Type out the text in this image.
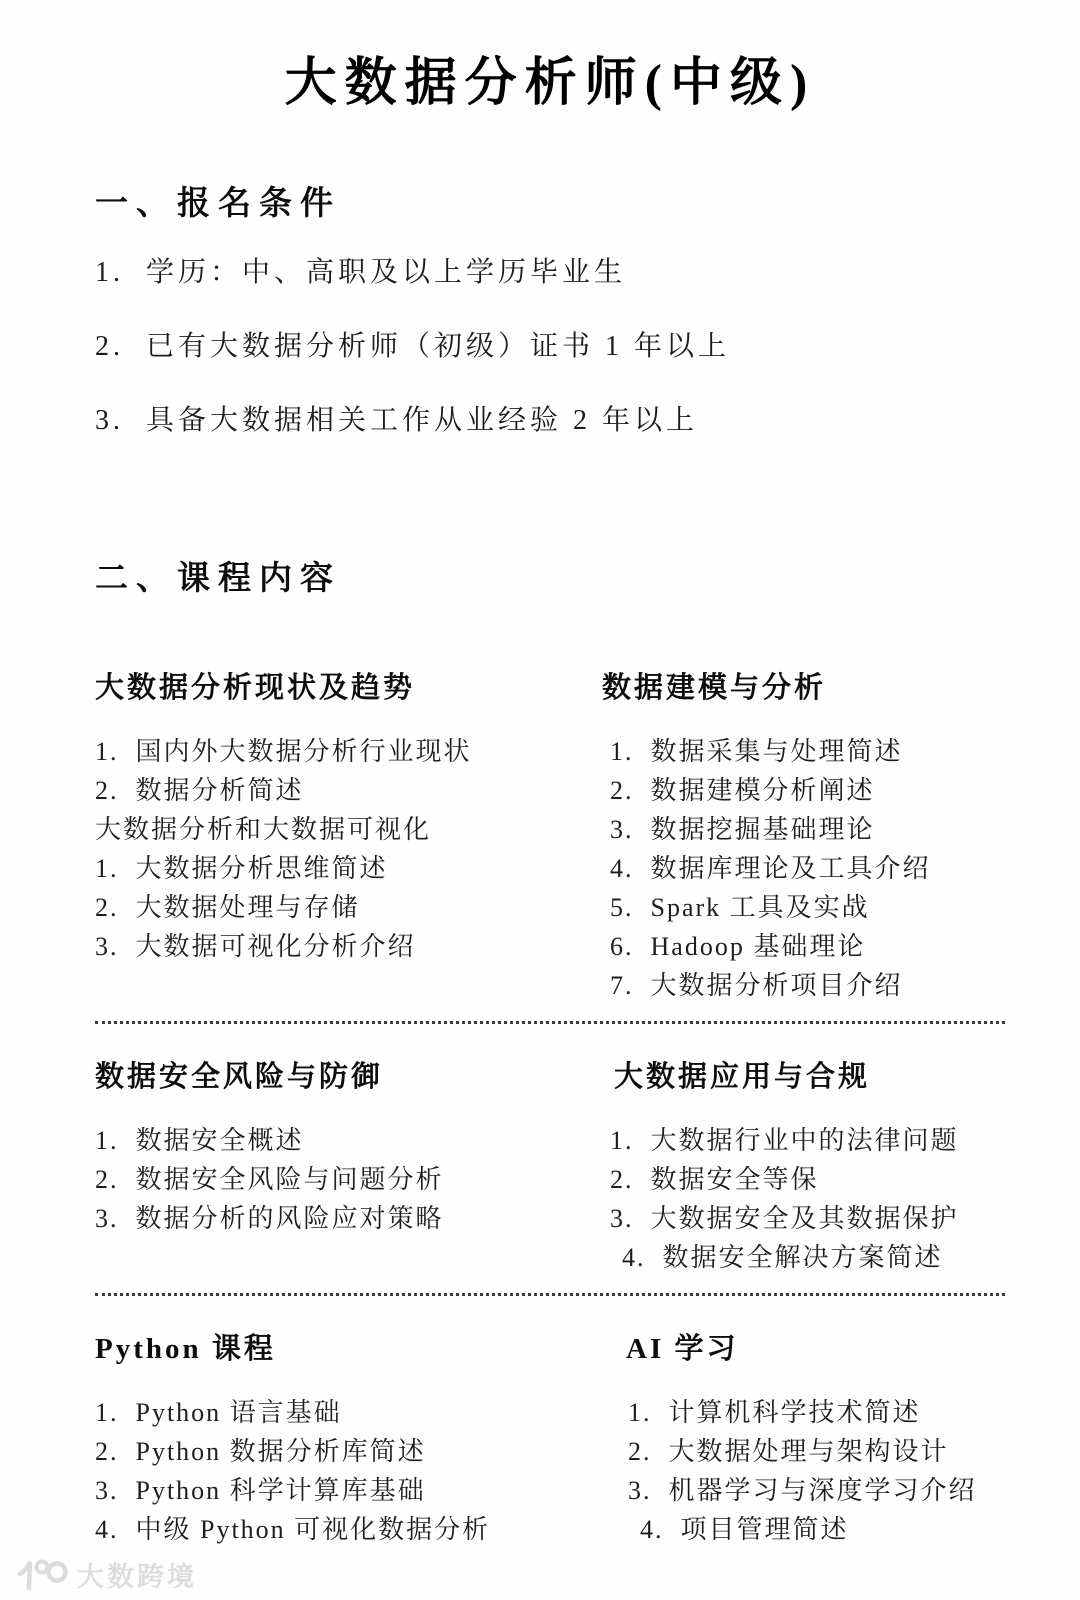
大数据分析师(中级)
一、报名条件

1.  学历：中、高职及以上学历毕业生

2.  已有大数据分析师（初级）证书 1 年以上

3.  具备大数据相关工作从业经验 2 年以上

二、课程内容
大数据分析现状及趋势
1.  国内外大数据分析行业现状
2.  数据分析简述
大数据分析和大数据可视化
1.  大数据分析思维简述
2.  大数据处理与存储
3.  大数据可视化分析介绍
数据建模与分析
1.  数据采集与处理简述
2.  数据建模分析阐述
3.  数据挖掘基础理论
4.  数据库理论及工具介绍
5.  Spark 工具及实战
6.  Hadoop 基础理论
7.  大数据分析项目介绍
数据安全风险与防御
1.  数据安全概述
2.  数据安全风险与问题分析
3.  数据分析的风险应对策略
大数据应用与合规
1.  大数据行业中的法律问题
2.  数据安全等保
3.  大数据安全及其数据保护
4.  数据安全解决方案简述
Python 课程
1.  Python 语言基础
2.  Python 数据分析库简述
3.  Python 科学计算库基础
4.  中级 Python 可视化数据分析
AI 学习
1.  计算机科学技术简述
2.  大数据处理与架构设计
3.  机器学习与深度学习介绍
4.  项目管理简述
大数跨境
